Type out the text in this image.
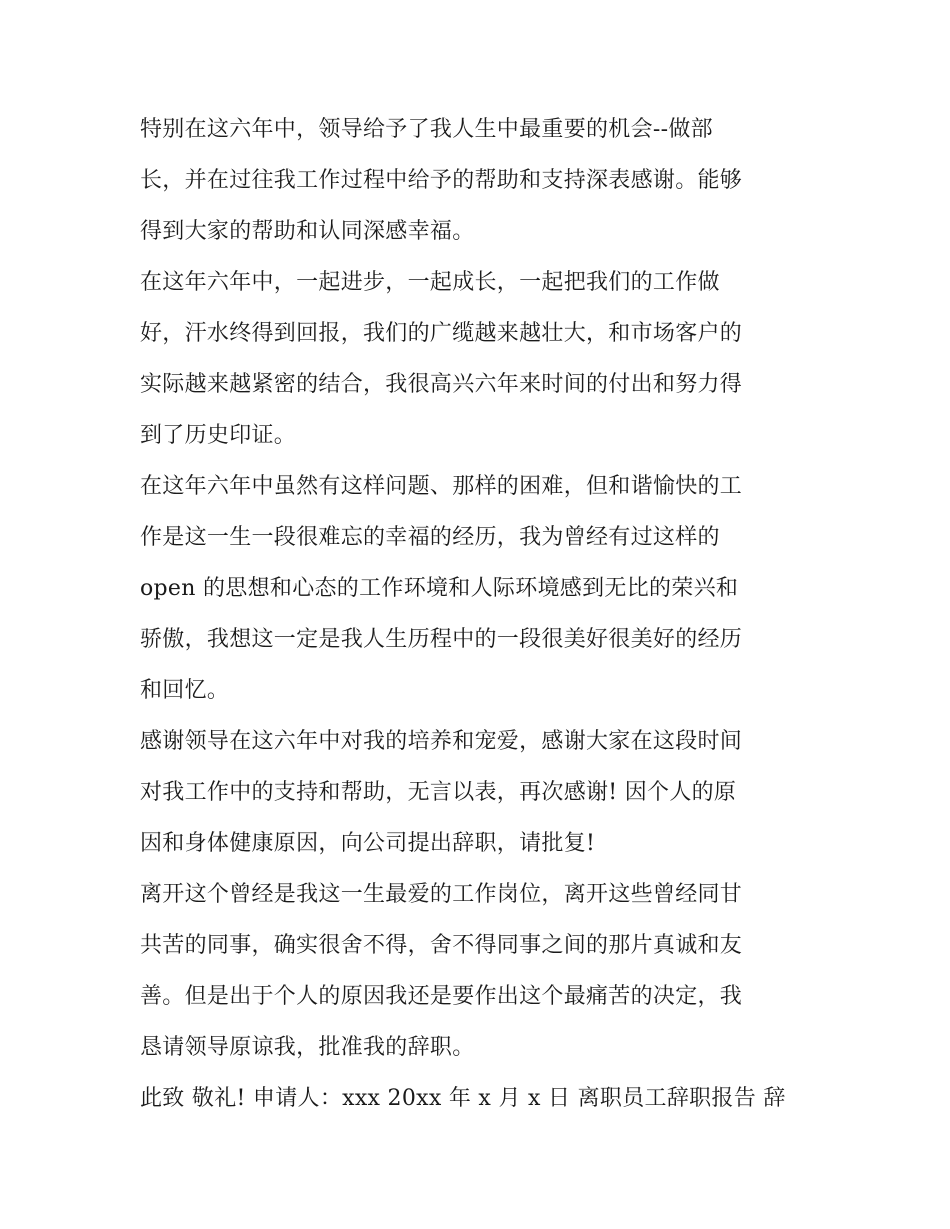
特别在这六年中，领导给予了我人生中最重要的机会--做部
长，并在过往我工作过程中给予的帮助和支持深表感谢。能够
得到大家的帮助和认同深感幸福。
在这年六年中，一起进步，一起成长，一起把我们的工作做
好，汗水终得到回报，我们的广缆越来越壮大，和市场客户的
实际越来越紧密的结合，我很高兴六年来时间的付出和努力得
到了历史印证。
在这年六年中虽然有这样问题、那样的困难，但和谐愉快的工
作是这一生一段很难忘的幸福的经历，我为曾经有过这样的
open 的思想和心态的工作环境和人际环境感到无比的荣兴和
骄傲，我想这一定是我人生历程中的一段很美好很美好的经历
和回忆。
感谢领导在这六年中对我的培养和宠爱，感谢大家在这段时间
对我工作中的支持和帮助，无言以表，再次感谢! 因个人的原
因和身体健康原因，向公司提出辞职，请批复!
离开这个曾经是我这一生最爱的工作岗位，离开这些曾经同甘
共苦的同事，确实很舍不得，舍不得同事之间的那片真诚和友
善。但是出于个人的原因我还是要作出这个最痛苦的决定，我
恳请领导原谅我，批准我的辞职。
此致 敬礼! 申请人：xxx 20xx 年 x 月 x 日 离职员工辞职报告 辞
